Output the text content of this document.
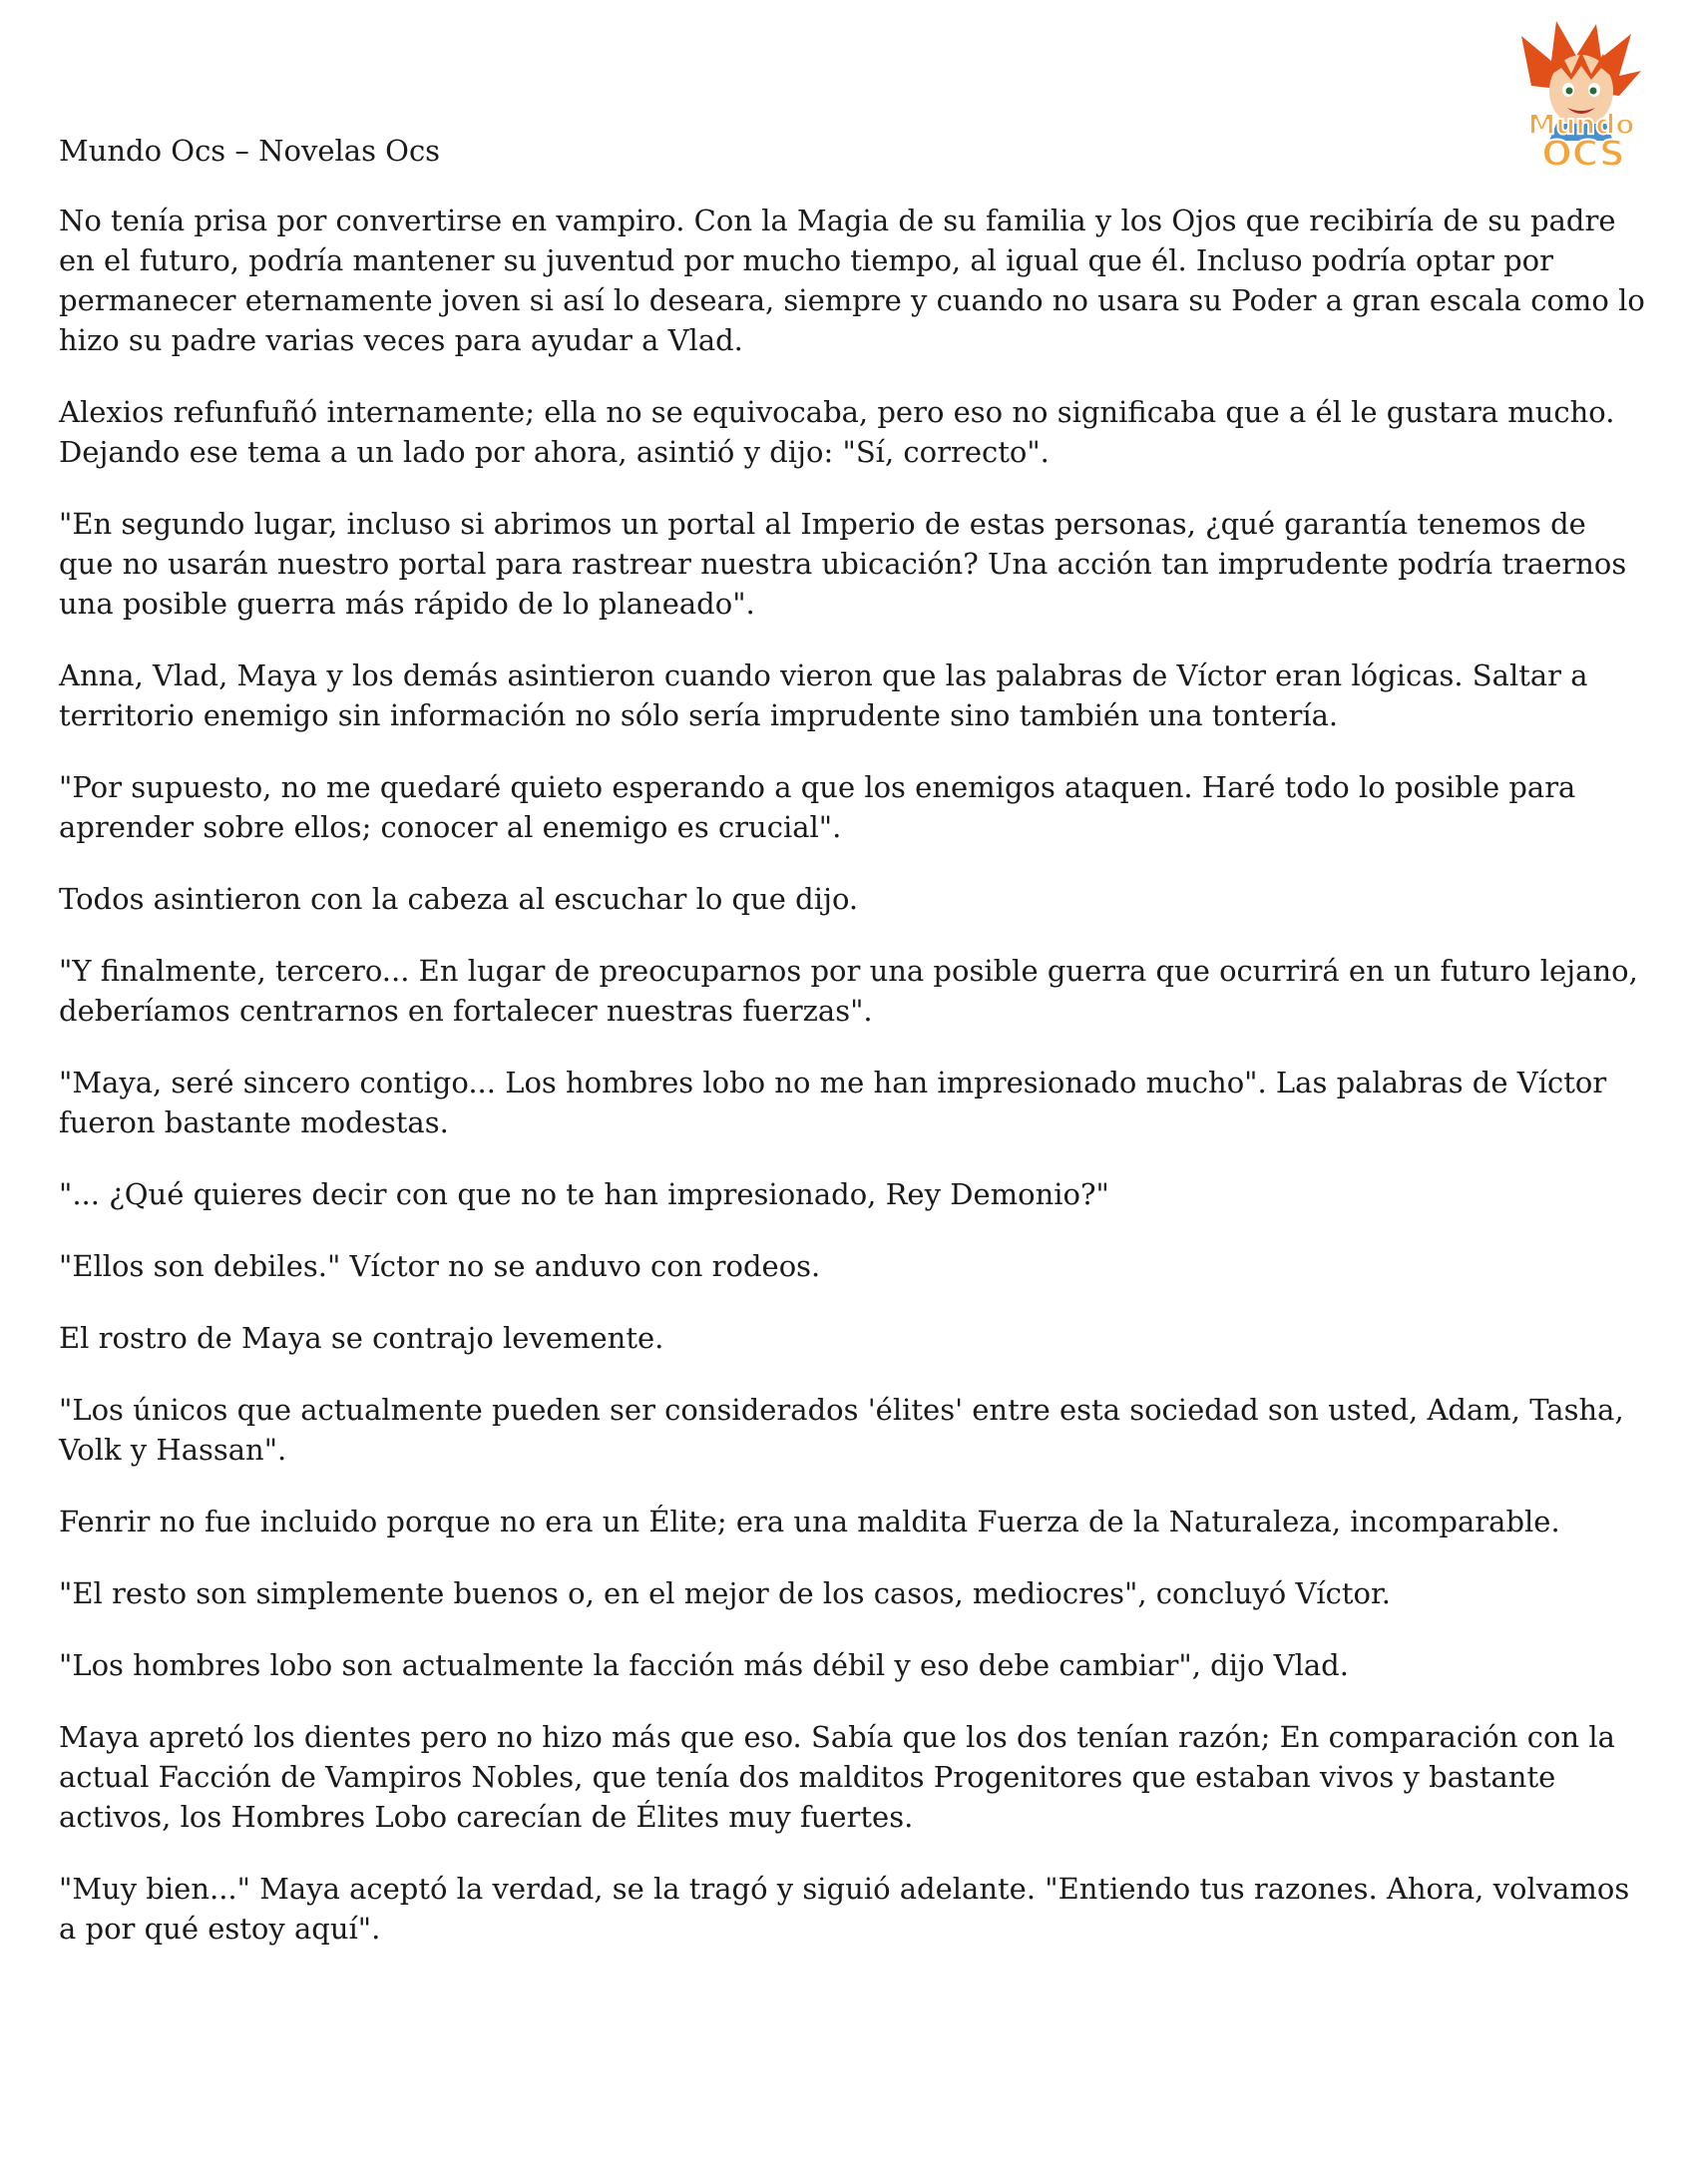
Mundo
OCS

Mundo Ocs – Novelas Ocs

No tenía prisa por convertirse en vampiro. Con la Magia de su familia y los Ojos que recibiría de su padre en el futuro, podría mantener su juventud por mucho tiempo, al igual que él. Incluso podría optar por permanecer eternamente joven si así lo deseara, siempre y cuando no usara su Poder a gran escala como lo hizo su padre varias veces para ayudar a Vlad.

Alexios refunfuñó internamente; ella no se equivocaba, pero eso no significaba que a él le gustara mucho. Dejando ese tema a un lado por ahora, asintió y dijo: "Sí, correcto".

"En segundo lugar, incluso si abrimos un portal al Imperio de estas personas, ¿qué garantía tenemos de que no usarán nuestro portal para rastrear nuestra ubicación? Una acción tan imprudente podría traernos una posible guerra más rápido de lo planeado".

Anna, Vlad, Maya y los demás asintieron cuando vieron que las palabras de Víctor eran lógicas. Saltar a territorio enemigo sin información no sólo sería imprudente sino también una tontería.

"Por supuesto, no me quedaré quieto esperando a que los enemigos ataquen. Haré todo lo posible para aprender sobre ellos; conocer al enemigo es crucial".

Todos asintieron con la cabeza al escuchar lo que dijo.

"Y finalmente, tercero... En lugar de preocuparnos por una posible guerra que ocurrirá en un futuro lejano, deberíamos centrarnos en fortalecer nuestras fuerzas".

"Maya, seré sincero contigo... Los hombres lobo no me han impresionado mucho". Las palabras de Víctor fueron bastante modestas.

"... ¿Qué quieres decir con que no te han impresionado, Rey Demonio?"

"Ellos son debiles." Víctor no se anduvo con rodeos.

El rostro de Maya se contrajo levemente.

"Los únicos que actualmente pueden ser considerados 'élites' entre esta sociedad son usted, Adam, Tasha, Volk y Hassan".

Fenrir no fue incluido porque no era un Élite; era una maldita Fuerza de la Naturaleza, incomparable.

"El resto son simplemente buenos o, en el mejor de los casos, mediocres", concluyó Víctor.

"Los hombres lobo son actualmente la facción más débil y eso debe cambiar", dijo Vlad.

Maya apretó los dientes pero no hizo más que eso. Sabía que los dos tenían razón; En comparación con la actual Facción de Vampiros Nobles, que tenía dos malditos Progenitores que estaban vivos y bastante activos, los Hombres Lobo carecían de Élites muy fuertes.

"Muy bien..." Maya aceptó la verdad, se la tragó y siguió adelante. "Entiendo tus razones. Ahora, volvamos a por qué estoy aquí".
